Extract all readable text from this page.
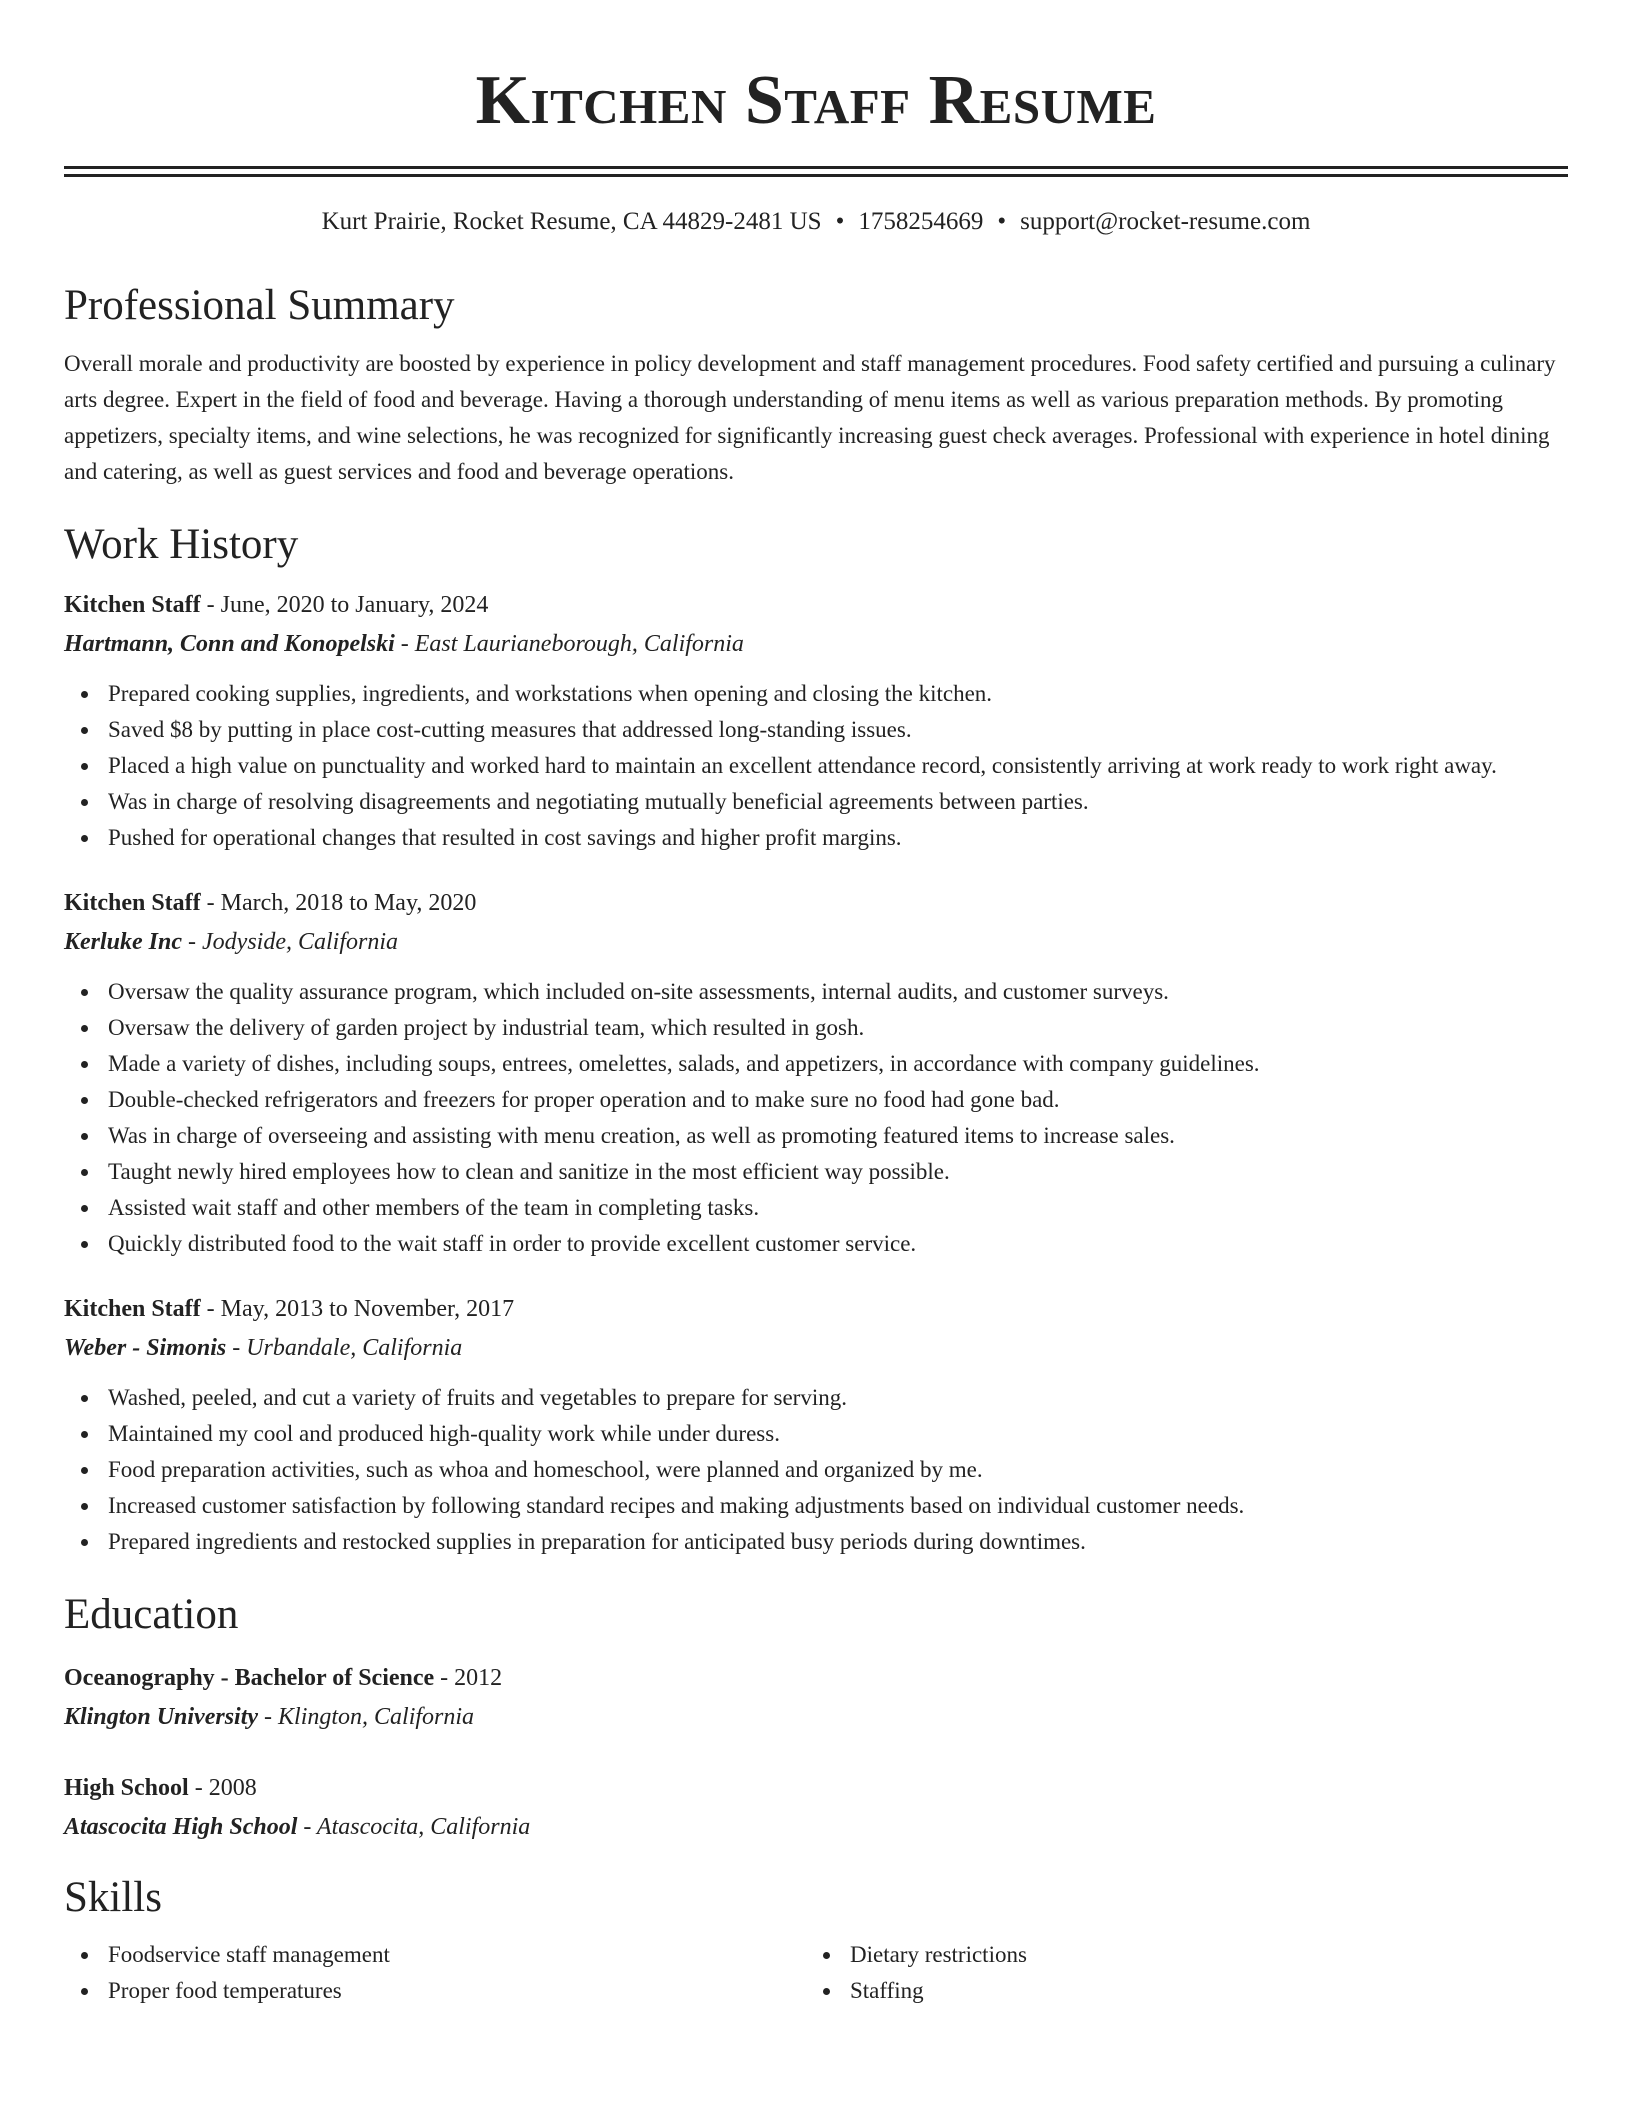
Kitchen Staff Resume
Kurt Prairie, Rocket Resume, CA 44829-2481 US • 1758254669 • support@rocket-resume.com
Professional Summary
Overall morale and productivity are boosted by experience in policy development and staff management procedures. Food safety certified and pursuing a culinary arts degree. Expert in the field of food and beverage. Having a thorough understanding of menu items as well as various preparation methods. By promoting appetizers, specialty items, and wine selections, he was recognized for significantly increasing guest check averages. Professional with experience in hotel dining and catering, as well as guest services and food and beverage operations.
Work History
Kitchen Staff - June, 2020 to January, 2024
Hartmann, Conn and Konopelski - East Laurianeborough, California
Prepared cooking supplies, ingredients, and workstations when opening and closing the kitchen.
Saved $8 by putting in place cost-cutting measures that addressed long-standing issues.
Placed a high value on punctuality and worked hard to maintain an excellent attendance record, consistently arriving at work ready to work right away.
Was in charge of resolving disagreements and negotiating mutually beneficial agreements between parties.
Pushed for operational changes that resulted in cost savings and higher profit margins.
Kitchen Staff - March, 2018 to May, 2020
Kerluke Inc - Jodyside, California
Oversaw the quality assurance program, which included on-site assessments, internal audits, and customer surveys.
Oversaw the delivery of garden project by industrial team, which resulted in gosh.
Made a variety of dishes, including soups, entrees, omelettes, salads, and appetizers, in accordance with company guidelines.
Double-checked refrigerators and freezers for proper operation and to make sure no food had gone bad.
Was in charge of overseeing and assisting with menu creation, as well as promoting featured items to increase sales.
Taught newly hired employees how to clean and sanitize in the most efficient way possible.
Assisted wait staff and other members of the team in completing tasks.
Quickly distributed food to the wait staff in order to provide excellent customer service.
Kitchen Staff - May, 2013 to November, 2017
Weber - Simonis - Urbandale, California
Washed, peeled, and cut a variety of fruits and vegetables to prepare for serving.
Maintained my cool and produced high-quality work while under duress.
Food preparation activities, such as whoa and homeschool, were planned and organized by me.
Increased customer satisfaction by following standard recipes and making adjustments based on individual customer needs.
Prepared ingredients and restocked supplies in preparation for anticipated busy periods during downtimes.
Education
Oceanography - Bachelor of Science - 2012
Klington University - Klington, California
High School - 2008
Atascocita High School - Atascocita, California
Skills
Foodservice staff management
Proper food temperatures
Dietary restrictions
Staffing
